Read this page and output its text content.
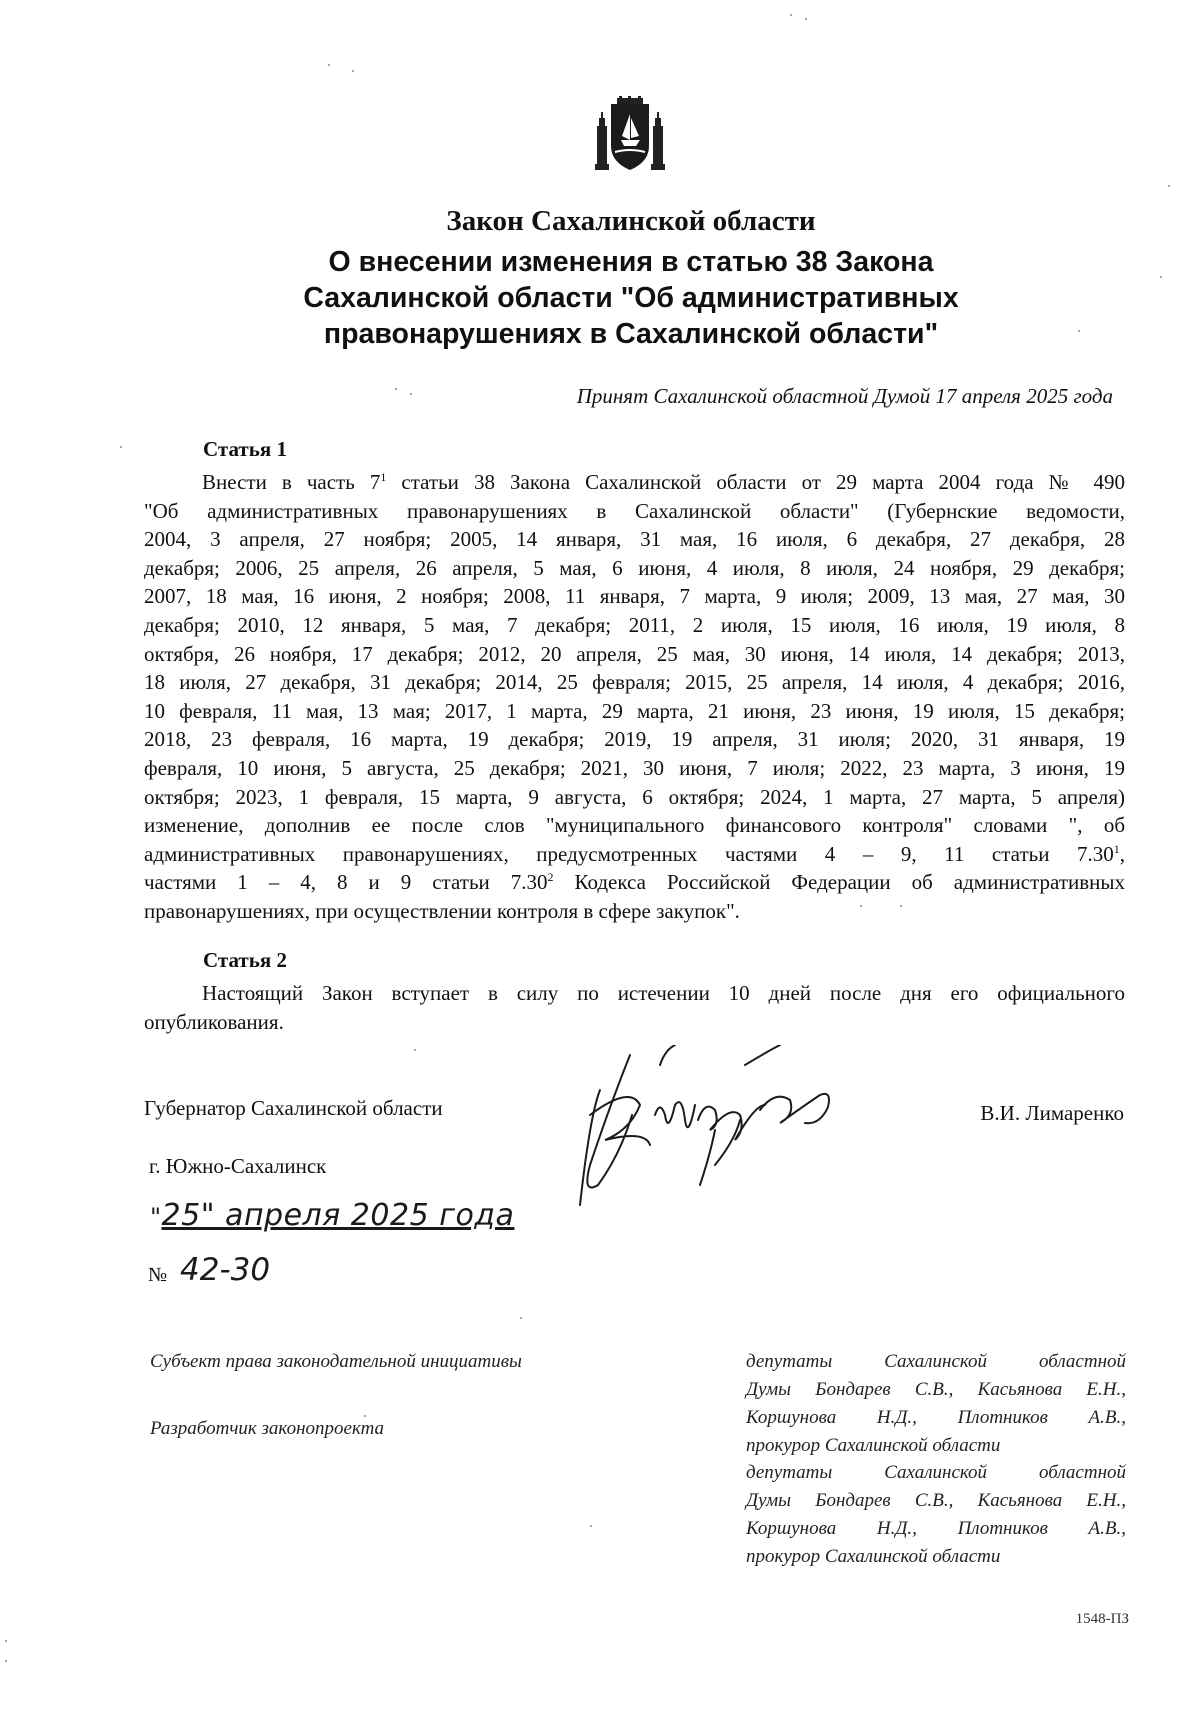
Закон Сахалинской области
О внесении изменения в статью 38 Закона
Сахалинской области "Об административных
правонарушениях в Сахалинской области"
Принят Сахалинской областной Думой 17 апреля 2025 года
Статья 1
Внести в часть $7^1$ статьи 38 Закона Сахалинской области от 29 марта 2004 года № 490
"Об административных правонарушениях в Сахалинской области" (Губернские ведомости,
2004, 3 апреля, 27 ноября; 2005, 14 января, 31 мая, 16 июля, 6 декабря, 27 декабря, 28
декабря; 2006, 25 апреля, 26 апреля, 5 мая, 6 июня, 4 июля, 8 июля, 24 ноября, 29 декабря;
2007, 18 мая, 16 июня, 2 ноября; 2008, 11 января, 7 марта, 9 июля; 2009, 13 мая, 27 мая, 30
декабря; 2010, 12 января, 5 мая, 7 декабря; 2011, 2 июля, 15 июля, 16 июля, 19 июля, 8
октября, 26 ноября, 17 декабря; 2012, 20 апреля, 25 мая, 30 июня, 14 июля, 14 декабря; 2013,
18 июля, 27 декабря, 31 декабря; 2014, 25 февраля; 2015, 25 апреля, 14 июля, 4 декабря; 2016,
10 февраля, 11 мая, 13 мая; 2017, 1 марта, 29 марта, 21 июня, 23 июня, 19 июля, 15 декабря;
2018, 23 февраля, 16 марта, 19 декабря; 2019, 19 апреля, 31 июля; 2020, 31 января, 19
февраля, 10 июня, 5 августа, 25 декабря; 2021, 30 июня, 7 июля; 2022, 23 марта, 3 июня, 19
октября; 2023, 1 февраля, 15 марта, 9 августа, 6 октября; 2024, 1 марта, 27 марта, 5 апреля)
изменение, дополнив ее после слов "муниципального финансового контроля" словами ", об
административных правонарушениях, предусмотренных частями 4 – 9, 11 статьи 7.30$^1$,
частями 1 – 4, 8 и 9 статьи 7.30$^2$ Кодекса Российской Федерации об административных
правонарушениях, при осуществлении контроля в сфере закупок".
Статья 2
Настоящий Закон вступает в силу по истечении 10 дней после дня его официального
опубликования.
Губернатор Сахалинской области	В.И. Лимаренко
г. Южно-Сахалинск
"25" апреля 2025 года
№ 42-30
Субъект права законодательной инициативы	депутаты Сахалинской областной
Думы Бондарев С.В., Касьянова Е.Н.,
Коршунова Н.Д., Плотников А.В.,
прокурор Сахалинской области
Разработчик законопроекта
депутаты Сахалинской областной
Думы Бондарев С.В., Касьянова Е.Н.,
Коршунова Н.Д., Плотников А.В.,
прокурор Сахалинской области
1548-ПЗ
